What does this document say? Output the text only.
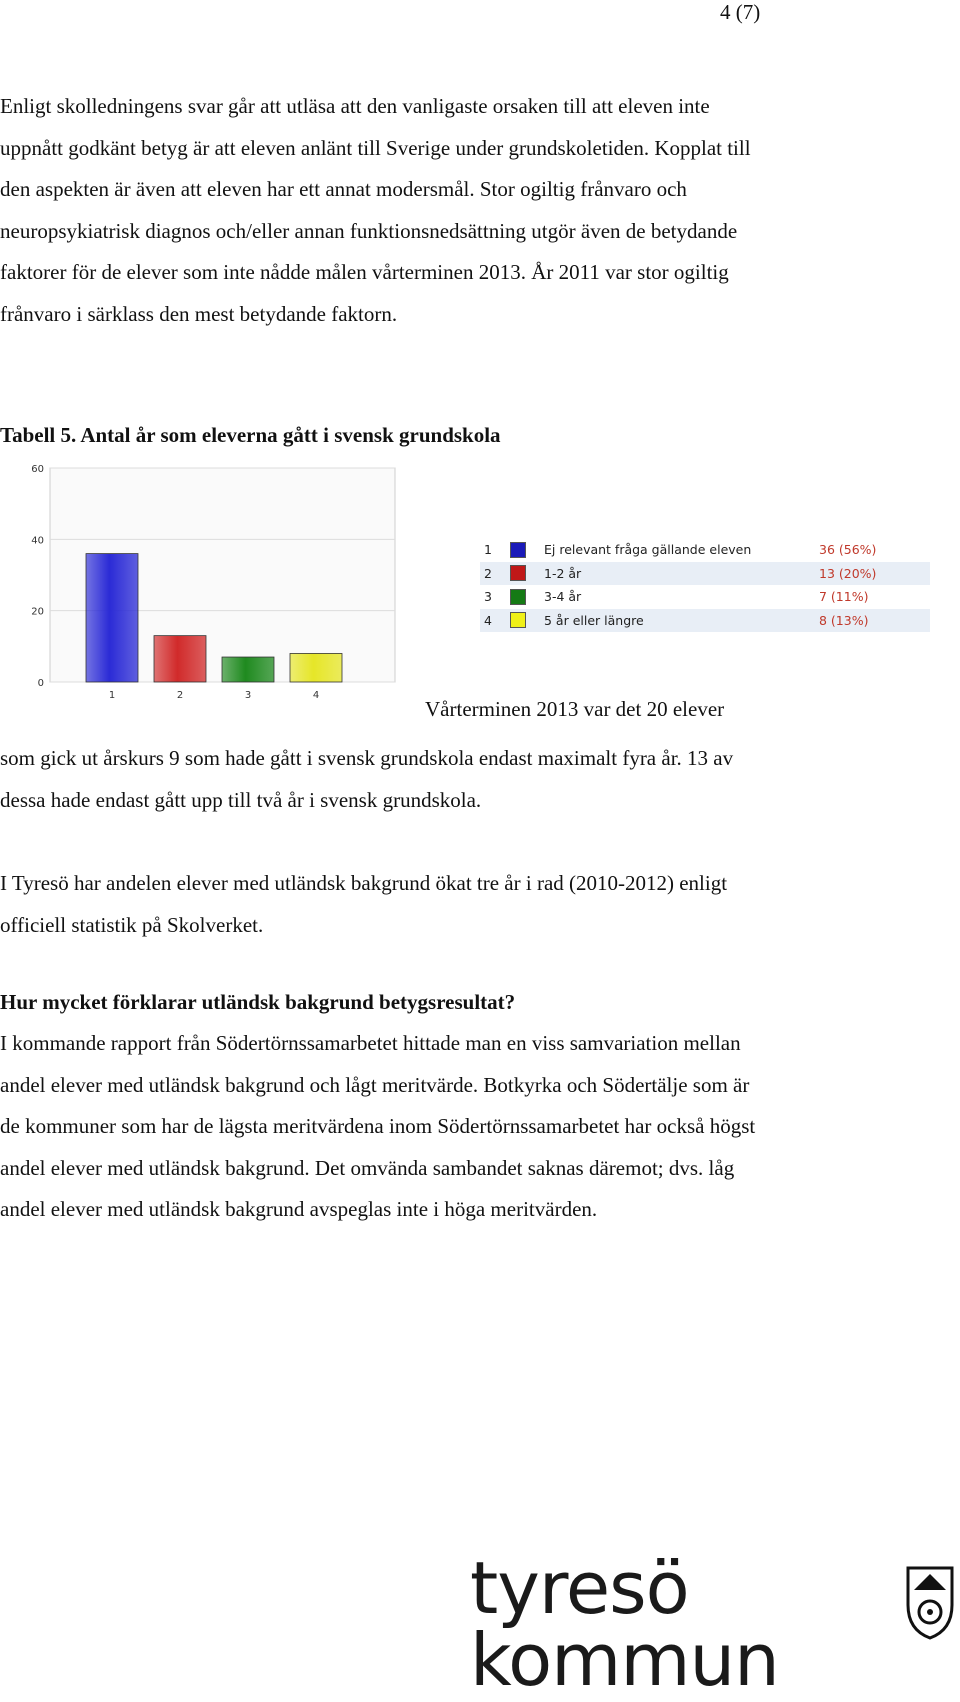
4 (7)

Enligt skolledningens svar går att utläsa att den vanligaste orsaken till att eleven inte uppnått godkänt betyg är att eleven anlänt till Sverige under grundskoletiden. Kopplat till den aspekten är även att eleven har ett annat modersmål. Stor ogiltig frånvaro och neuropsykiatrisk diagnos och/eller annan funktionsnedsättning utgör även de betydande faktorer för de elever som inte nådde målen vårterminen 2013. År 2011 var stor ogiltig frånvaro i särklass den mest betydande faktorn.

Tabell 5. Antal år som eleverna gått i svensk grundskola
0
20
40
60
1	2	3	4
1	Ej relevant fråga gällande eleven	36 (56%)
2	1-2 år	13 (20%)
3	3-4 år	7 (11%)
4	5 år eller längre	8 (13%)
Vårterminen 2013 var det 20 elever

som gick ut årskurs 9 som hade gått i svensk grundskola endast maximalt fyra år. 13 av dessa hade endast gått upp till två år i svensk grundskola.

I Tyresö har andelen elever med utländsk bakgrund ökat tre år i rad (2010-2012) enligt officiell statistik på Skolverket.

Hur mycket förklarar utländsk bakgrund betygsresultat?

I kommande rapport från Södertörnssamarbetet hittade man en viss samvariation mellan andel elever med utländsk bakgrund och lågt meritvärde. Botkyrka och Södertälje som är de kommuner som har de lägsta meritvärdena inom Södertörnssamarbetet har också högst andel elever med utländsk bakgrund. Det omvända sambandet saknas däremot; dvs. låg andel elever med utländsk bakgrund avspeglas inte i höga meritvärden.

tyresö kommun
